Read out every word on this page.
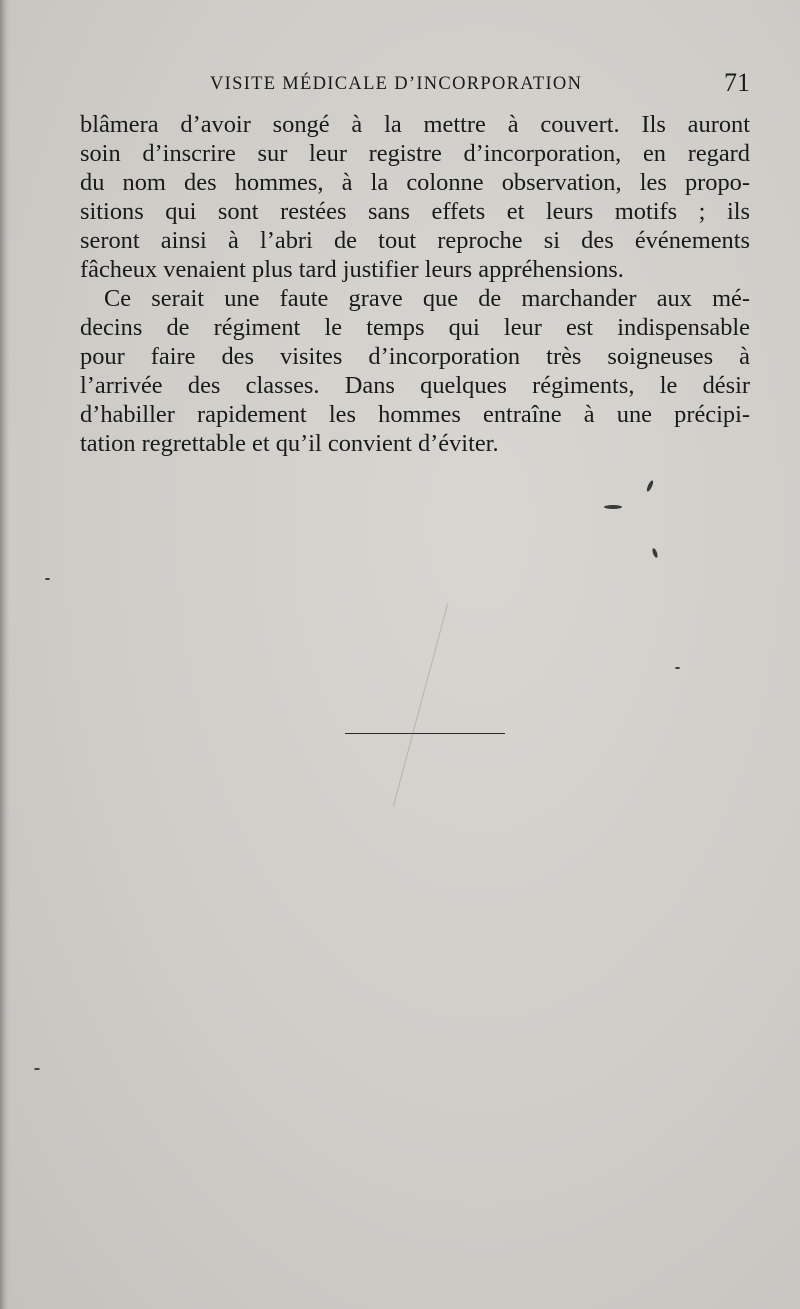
VISITE MÉDICALE D’INCORPORATION	71

blâmera d’avoir songé à la mettre à couvert. Ils auront
soin d’inscrire sur leur registre d’incorporation, en regard
du nom des hommes, à la colonne observation, les propo-
sitions qui sont restées sans effets et leurs motifs ; ils
seront ainsi à l’abri de tout reproche si des événements
fâcheux venaient plus tard justifier leurs appréhensions.

Ce serait une faute grave que de marchander aux mé-
decins de régiment le temps qui leur est indispensable
pour faire des visites d’incorporation très soigneuses à
l’arrivée des classes. Dans quelques régiments, le désir
d’habiller rapidement les hommes entraîne à une précipi-
tation regrettable et qu’il convient d’éviter.
